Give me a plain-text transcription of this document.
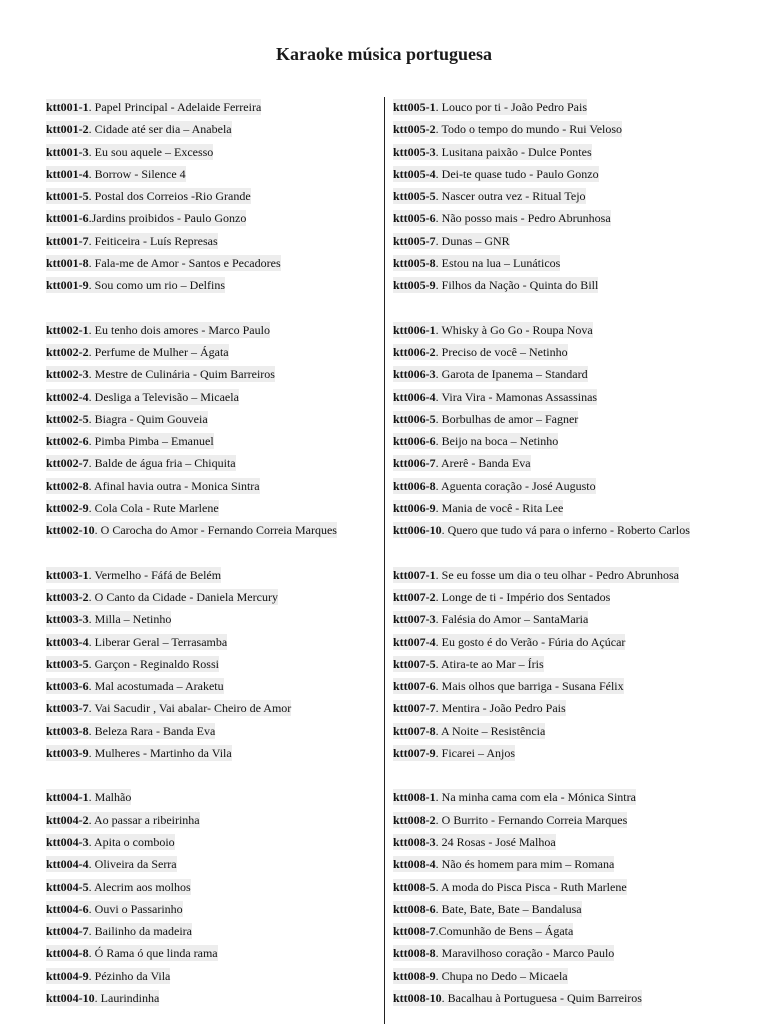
Karaoke música portuguesa
ktt001-1. Papel Principal - Adelaide Ferreira
ktt001-2. Cidade até ser dia – Anabela
ktt001-3. Eu sou aquele – Excesso
ktt001-4. Borrow - Silence 4
ktt001-5. Postal dos Correios -Rio Grande
ktt001-6.Jardins proibidos - Paulo Gonzo
ktt001-7. Feiticeira - Luís Represas
ktt001-8. Fala-me de Amor - Santos e Pecadores
ktt001-9. Sou como um rio – Delfins
ktt002-1. Eu tenho dois amores - Marco Paulo
ktt002-2. Perfume de Mulher – Ágata
ktt002-3. Mestre de Culinária - Quim Barreiros
ktt002-4. Desliga a Televisão – Micaela
ktt002-5. Biagra - Quim Gouveia
ktt002-6. Pimba Pimba – Emanuel
ktt002-7. Balde de água fria – Chiquita
ktt002-8. Afinal havia outra - Monica Sintra
ktt002-9. Cola Cola - Rute Marlene
ktt002-10. O Carocha do Amor - Fernando Correia Marques
ktt003-1. Vermelho - Fáfá de Belém
ktt003-2. O Canto da Cidade - Daniela Mercury
ktt003-3. Milla – Netinho
ktt003-4. Liberar Geral – Terrasamba
ktt003-5. Garçon - Reginaldo Rossi
ktt003-6. Mal acostumada – Araketu
ktt003-7. Vai Sacudir , Vai abalar- Cheiro de Amor
ktt003-8. Beleza Rara - Banda Eva
ktt003-9. Mulheres - Martinho da Vila
ktt004-1. Malhão
ktt004-2. Ao passar a ribeirinha
ktt004-3. Apita o comboio
ktt004-4. Oliveira da Serra
ktt004-5. Alecrim aos molhos
ktt004-6. Ouvi o Passarinho
ktt004-7. Bailinho da madeira
ktt004-8. Ó Rama ó que linda rama
ktt004-9. Pézinho da Vila
ktt004-10. Laurindinha
ktt005-1. Louco por ti - João Pedro Pais
ktt005-2. Todo o tempo do mundo - Rui Veloso
ktt005-3. Lusitana paixão - Dulce Pontes
ktt005-4. Dei-te quase tudo - Paulo Gonzo
ktt005-5. Nascer outra vez - Ritual Tejo
ktt005-6. Não posso mais - Pedro Abrunhosa
ktt005-7. Dunas – GNR
ktt005-8. Estou na lua – Lunáticos
ktt005-9. Filhos da Nação - Quinta do Bill
ktt006-1. Whisky à Go Go - Roupa Nova
ktt006-2. Preciso de você – Netinho
ktt006-3. Garota de Ipanema – Standard
ktt006-4. Vira Vira - Mamonas Assassinas
ktt006-5. Borbulhas de amor – Fagner
ktt006-6. Beijo na boca – Netinho
ktt006-7. Arerê - Banda Eva
ktt006-8. Aguenta coração - José Augusto
ktt006-9. Mania de você - Rita Lee
ktt006-10. Quero que tudo vá para o inferno - Roberto Carlos
ktt007-1. Se eu fosse um dia o teu olhar - Pedro Abrunhosa
ktt007-2. Longe de ti - Império dos Sentados
ktt007-3. Falésia do Amor – SantaMaria
ktt007-4. Eu gosto é do Verão - Fúria do Açúcar
ktt007-5. Atira-te ao Mar – Íris
ktt007-6. Mais olhos que barriga - Susana Félix
ktt007-7. Mentira - João Pedro Pais
ktt007-8. A Noite – Resistência
ktt007-9. Ficarei – Anjos
ktt008-1. Na minha cama com ela - Mónica Sintra
ktt008-2. O Burrito - Fernando Correia Marques
ktt008-3. 24 Rosas - José Malhoa
ktt008-4. Não és homem para mim – Romana
ktt008-5. A moda do Pisca Pisca - Ruth Marlene
ktt008-6. Bate, Bate, Bate – Bandalusa
ktt008-7.Comunhão de Bens – Ágata
ktt008-8. Maravilhoso coração - Marco Paulo
ktt008-9. Chupa no Dedo – Micaela
ktt008-10. Bacalhau à Portuguesa - Quim Barreiros
